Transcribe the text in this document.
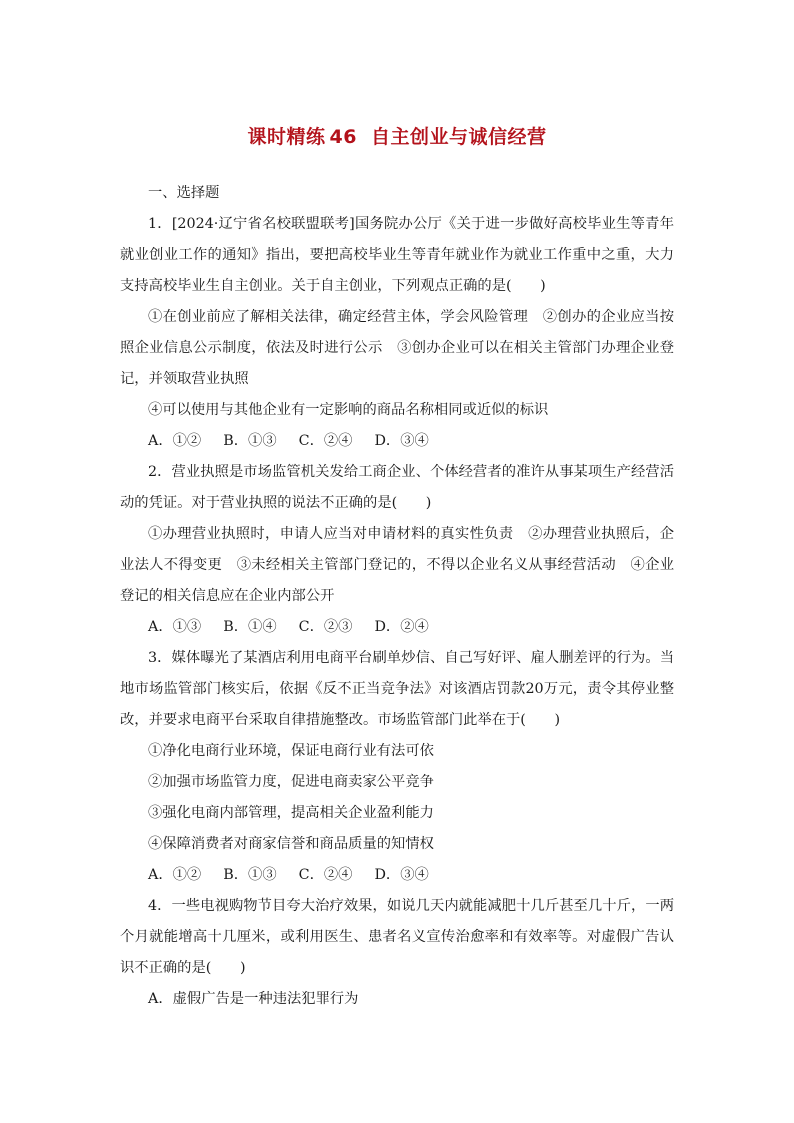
课时精练 46 自主创业与诚信经营

一、选择题

1．[2024·辽宁省名校联盟联考]国务院办公厅《关于进一步做好高校毕业生等青年就业创业工作的通知》指出，要把高校毕业生等青年就业作为就业工作重中之重，大力支持高校毕业生自主创业。关于自主创业，下列观点正确的是(　　)

①在创业前应了解相关法律，确定经营主体，学会风险管理　②创办的企业应当按照企业信息公示制度，依法及时进行公示　③创办企业可以在相关主管部门办理企业登记，并领取营业执照

④可以使用与其他企业有一定影响的商品名称相同或近似的标识

A．①② B．①③ C．②④ D．③④

2．营业执照是市场监管机关发给工商企业、个体经营者的准许从事某项生产经营活动的凭证。对于营业执照的说法不正确的是(　　)

①办理营业执照时，申请人应当对申请材料的真实性负责　②办理营业执照后，企业法人不得变更　③未经相关主管部门登记的，不得以企业名义从事经营活动　④企业登记的相关信息应在企业内部公开

A．①③ B．①④ C．②③ D．②④

3．媒体曝光了某酒店利用电商平台刷单炒信、自己写好评、雇人删差评的行为。当地市场监管部门核实后，依据《反不正当竞争法》对该酒店罚款20万元，责令其停业整改，并要求电商平台采取自律措施整改。市场监管部门此举在于(　　)

①净化电商行业环境，保证电商行业有法可依

②加强市场监管力度，促进电商卖家公平竞争

③强化电商内部管理，提高相关企业盈利能力

④保障消费者对商家信誉和商品质量的知情权

A．①② B．①③ C．②④ D．③④

4．一些电视购物节目夸大治疗效果，如说几天内就能减肥十几斤甚至几十斤，一两个月就能增高十几厘米，或利用医生、患者名义宣传治愈率和有效率等。对虚假广告认识不正确的是(　　)

A．虚假广告是一种违法犯罪行为
